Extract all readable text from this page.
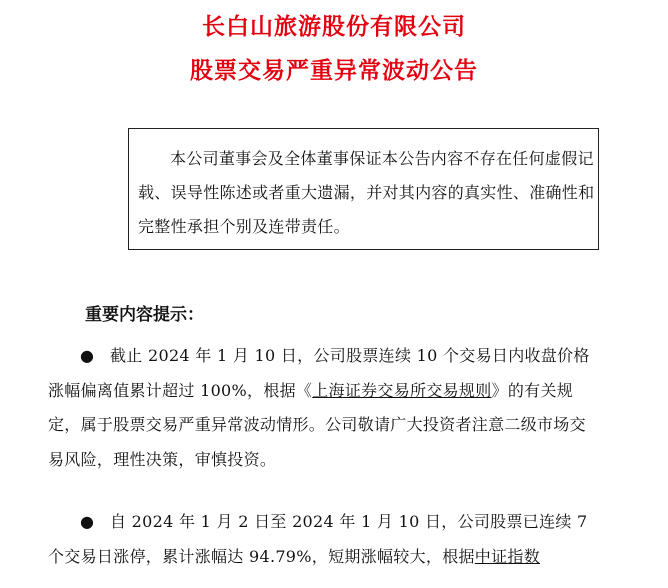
长白山旅游股份有限公司
股票交易严重异常波动公告

本公司董事会及全体董事保证本公告内容不存在任何虚假记载、误导性陈述或者重大遗漏，并对其内容的真实性、准确性和完整性承担个别及连带责任。

重要内容提示：

● 截止 2024 年 1 月 10 日，公司股票连续 10 个交易日内收盘价格涨幅偏离值累计超过 100%，根据《上海证券交易所交易规则》的有关规定，属于股票交易严重异常波动情形。公司敬请广大投资者注意二级市场交易风险，理性决策，审慎投资。

● 自 2024 年 1 月 2 日至 2024 年 1 月 10 日，公司股票已连续 7 个交易日涨停，累计涨幅达 94.79%，短期涨幅较大，根据中证指数
